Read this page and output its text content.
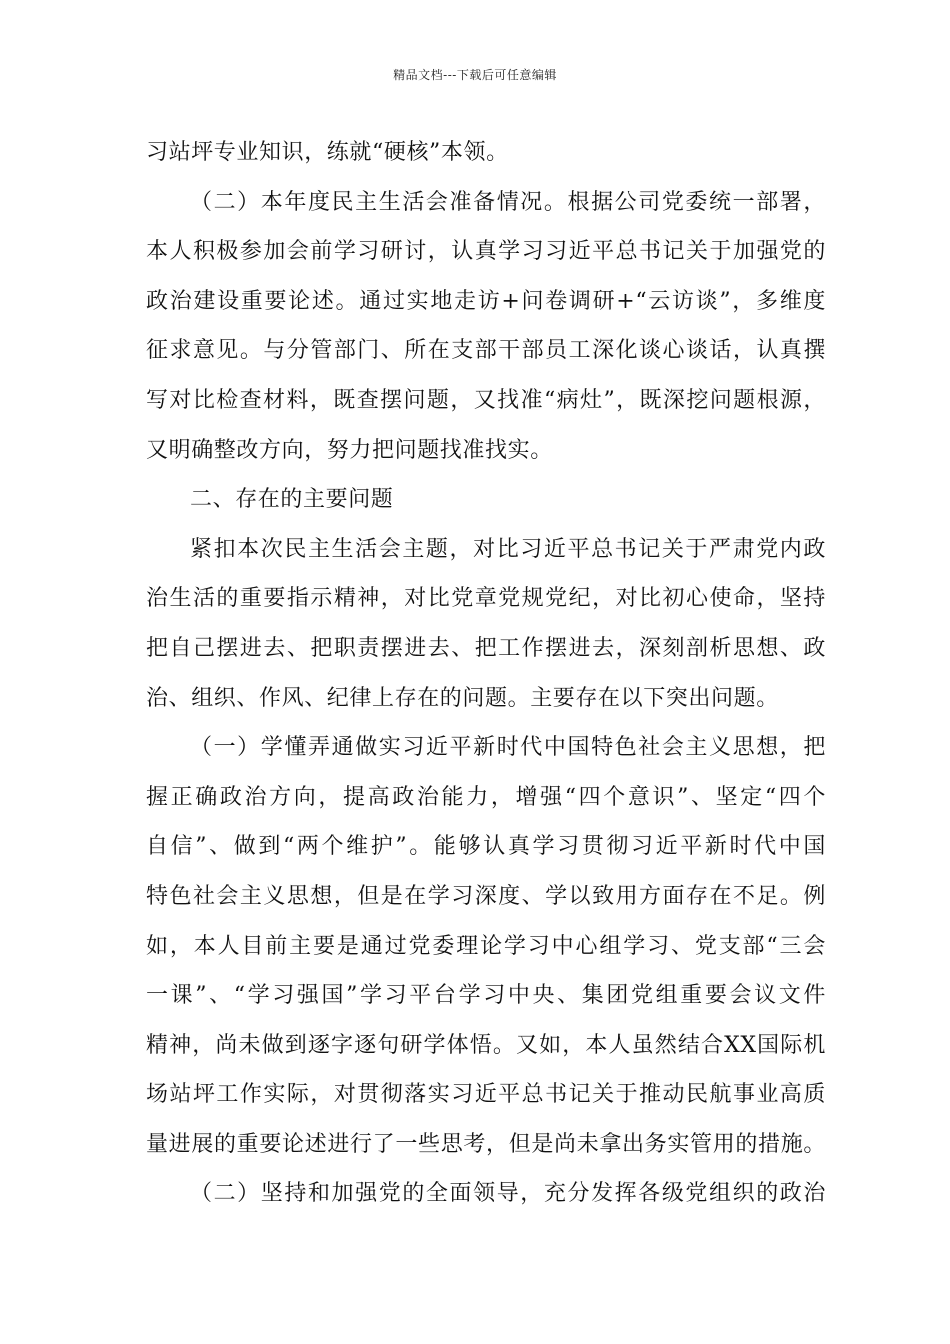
精品文档---下载后可任意编辑
习站坪专业知识，练就“硬核”本领。
（二）本年度民主生活会准备情况。根据公司党委统一部署，
本人积极参加会前学习研讨，认真学习习近平总书记关于加强党的
政治建设重要论述。通过实地走访+问卷调研+“云访谈”，多维度
征求意见。与分管部门、所在支部干部员工深化谈心谈话，认真撰
写对比检查材料，既查摆问题，又找准“病灶”，既深挖问题根源，
又明确整改方向，努力把问题找准找实。
二、存在的主要问题
紧扣本次民主生活会主题，对比习近平总书记关于严肃党内政
治生活的重要指示精神，对比党章党规党纪，对比初心使命，坚持
把自己摆进去、把职责摆进去、把工作摆进去，深刻剖析思想、政
治、组织、作风、纪律上存在的问题。主要存在以下突出问题。
（一）学懂弄通做实习近平新时代中国特色社会主义思想，把
握正确政治方向，提高政治能力，增强“四个意识”、坚定“四个
自信”、做到“两个维护”。能够认真学习贯彻习近平新时代中国
特色社会主义思想，但是在学习深度、学以致用方面存在不足。例
如，本人目前主要是通过党委理论学习中心组学习、党支部“三会
一课”、“学习强国”学习平台学习中央、集团党组重要会议文件
精神，尚未做到逐字逐句研学体悟。又如，本人虽然结合XX国际机
场站坪工作实际，对贯彻落实习近平总书记关于推动民航事业高质
量进展的重要论述进行了一些思考，但是尚未拿出务实管用的措施。
（二）坚持和加强党的全面领导，充分发挥各级党组织的政治
